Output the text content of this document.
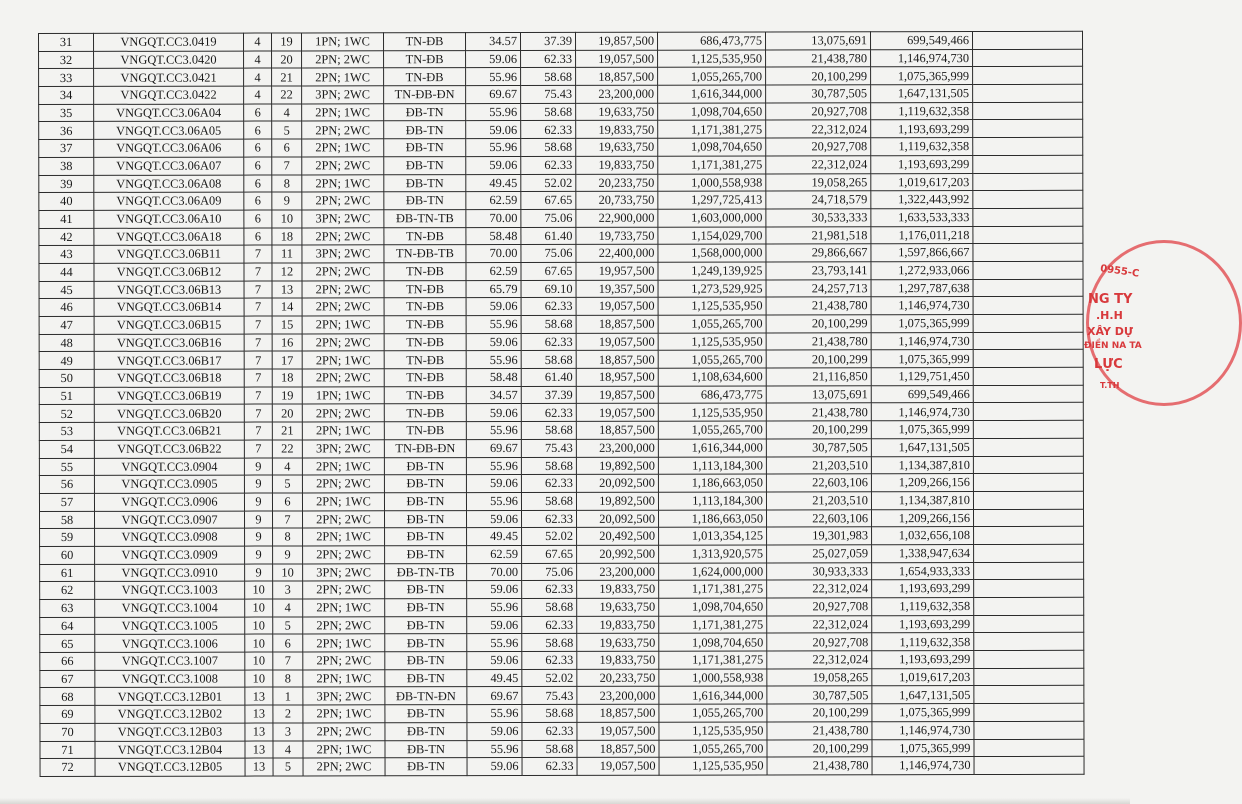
31	VNGQT.CC3.0419	4	19	1PN; 1WC	TN-ĐB	34.57	37.39	19,857,500	686,473,775	13,075,691	699,549,466	
32	VNGQT.CC3.0420	4	20	2PN; 2WC	TN-ĐB	59.06	62.33	19,057,500	1,125,535,950	21,438,780	1,146,974,730	
33	VNGQT.CC3.0421	4	21	2PN; 1WC	TN-ĐB	55.96	58.68	18,857,500	1,055,265,700	20,100,299	1,075,365,999	
34	VNGQT.CC3.0422	4	22	3PN; 2WC	TN-ĐB-ĐN	69.67	75.43	23,200,000	1,616,344,000	30,787,505	1,647,131,505	
35	VNGQT.CC3.06A04	6	4	2PN; 1WC	ĐB-TN	55.96	58.68	19,633,750	1,098,704,650	20,927,708	1,119,632,358	
36	VNGQT.CC3.06A05	6	5	2PN; 2WC	ĐB-TN	59.06	62.33	19,833,750	1,171,381,275	22,312,024	1,193,693,299	
37	VNGQT.CC3.06A06	6	6	2PN; 1WC	ĐB-TN	55.96	58.68	19,633,750	1,098,704,650	20,927,708	1,119,632,358	
38	VNGQT.CC3.06A07	6	7	2PN; 2WC	ĐB-TN	59.06	62.33	19,833,750	1,171,381,275	22,312,024	1,193,693,299	
39	VNGQT.CC3.06A08	6	8	2PN; 1WC	ĐB-TN	49.45	52.02	20,233,750	1,000,558,938	19,058,265	1,019,617,203	
40	VNGQT.CC3.06A09	6	9	2PN; 2WC	ĐB-TN	62.59	67.65	20,733,750	1,297,725,413	24,718,579	1,322,443,992	
41	VNGQT.CC3.06A10	6	10	3PN; 2WC	ĐB-TN-TB	70.00	75.06	22,900,000	1,603,000,000	30,533,333	1,633,533,333	
42	VNGQT.CC3.06A18	6	18	2PN; 2WC	TN-ĐB	58.48	61.40	19,733,750	1,154,029,700	21,981,518	1,176,011,218	
43	VNGQT.CC3.06B11	7	11	3PN; 2WC	TN-ĐB-TB	70.00	75.06	22,400,000	1,568,000,000	29,866,667	1,597,866,667	
44	VNGQT.CC3.06B12	7	12	2PN; 2WC	TN-ĐB	62.59	67.65	19,957,500	1,249,139,925	23,793,141	1,272,933,066	
45	VNGQT.CC3.06B13	7	13	2PN; 2WC	TN-ĐB	65.79	69.10	19,357,500	1,273,529,925	24,257,713	1,297,787,638	
46	VNGQT.CC3.06B14	7	14	2PN; 2WC	TN-ĐB	59.06	62.33	19,057,500	1,125,535,950	21,438,780	1,146,974,730	
47	VNGQT.CC3.06B15	7	15	2PN; 1WC	TN-ĐB	55.96	58.68	18,857,500	1,055,265,700	20,100,299	1,075,365,999	
48	VNGQT.CC3.06B16	7	16	2PN; 2WC	TN-ĐB	59.06	62.33	19,057,500	1,125,535,950	21,438,780	1,146,974,730	
49	VNGQT.CC3.06B17	7	17	2PN; 1WC	TN-ĐB	55.96	58.68	18,857,500	1,055,265,700	20,100,299	1,075,365,999	
50	VNGQT.CC3.06B18	7	18	2PN; 2WC	TN-ĐB	58.48	61.40	18,957,500	1,108,634,600	21,116,850	1,129,751,450	
51	VNGQT.CC3.06B19	7	19	1PN; 1WC	TN-ĐB	34.57	37.39	19,857,500	686,473,775	13,075,691	699,549,466	
52	VNGQT.CC3.06B20	7	20	2PN; 2WC	TN-ĐB	59.06	62.33	19,057,500	1,125,535,950	21,438,780	1,146,974,730	
53	VNGQT.CC3.06B21	7	21	2PN; 1WC	TN-ĐB	55.96	58.68	18,857,500	1,055,265,700	20,100,299	1,075,365,999	
54	VNGQT.CC3.06B22	7	22	3PN; 2WC	TN-ĐB-ĐN	69.67	75.43	23,200,000	1,616,344,000	30,787,505	1,647,131,505	
55	VNGQT.CC3.0904	9	4	2PN; 1WC	ĐB-TN	55.96	58.68	19,892,500	1,113,184,300	21,203,510	1,134,387,810	
56	VNGQT.CC3.0905	9	5	2PN; 2WC	ĐB-TN	59.06	62.33	20,092,500	1,186,663,050	22,603,106	1,209,266,156	
57	VNGQT.CC3.0906	9	6	2PN; 1WC	ĐB-TN	55.96	58.68	19,892,500	1,113,184,300	21,203,510	1,134,387,810	
58	VNGQT.CC3.0907	9	7	2PN; 2WC	ĐB-TN	59.06	62.33	20,092,500	1,186,663,050	22,603,106	1,209,266,156	
59	VNGQT.CC3.0908	9	8	2PN; 1WC	ĐB-TN	49.45	52.02	20,492,500	1,013,354,125	19,301,983	1,032,656,108	
60	VNGQT.CC3.0909	9	9	2PN; 2WC	ĐB-TN	62.59	67.65	20,992,500	1,313,920,575	25,027,059	1,338,947,634	
61	VNGQT.CC3.0910	9	10	3PN; 2WC	ĐB-TN-TB	70.00	75.06	23,200,000	1,624,000,000	30,933,333	1,654,933,333	
62	VNGQT.CC3.1003	10	3	2PN; 2WC	ĐB-TN	59.06	62.33	19,833,750	1,171,381,275	22,312,024	1,193,693,299	
63	VNGQT.CC3.1004	10	4	2PN; 1WC	ĐB-TN	55.96	58.68	19,633,750	1,098,704,650	20,927,708	1,119,632,358	
64	VNGQT.CC3.1005	10	5	2PN; 2WC	ĐB-TN	59.06	62.33	19,833,750	1,171,381,275	22,312,024	1,193,693,299	
65	VNGQT.CC3.1006	10	6	2PN; 1WC	ĐB-TN	55.96	58.68	19,633,750	1,098,704,650	20,927,708	1,119,632,358	
66	VNGQT.CC3.1007	10	7	2PN; 2WC	ĐB-TN	59.06	62.33	19,833,750	1,171,381,275	22,312,024	1,193,693,299	
67	VNGQT.CC3.1008	10	8	2PN; 1WC	ĐB-TN	49.45	52.02	20,233,750	1,000,558,938	19,058,265	1,019,617,203	
68	VNGQT.CC3.12B01	13	1	3PN; 2WC	ĐB-TN-ĐN	69.67	75.43	23,200,000	1,616,344,000	30,787,505	1,647,131,505	
69	VNGQT.CC3.12B02	13	2	2PN; 1WC	ĐB-TN	55.96	58.68	18,857,500	1,055,265,700	20,100,299	1,075,365,999	
70	VNGQT.CC3.12B03	13	3	2PN; 2WC	ĐB-TN	59.06	62.33	19,057,500	1,125,535,950	21,438,780	1,146,974,730	
71	VNGQT.CC3.12B04	13	4	2PN; 1WC	ĐB-TN	55.96	58.68	18,857,500	1,055,265,700	20,100,299	1,075,365,999	
72	VNGQT.CC3.12B05	13	5	2PN; 2WC	ĐB-TN	59.06	62.33	19,057,500	1,125,535,950	21,438,780	1,146,974,730	
0955-C
NG TY
.H.H
XÂY DỰ
ĐIỀN NA TA
LỰC
T.TH
